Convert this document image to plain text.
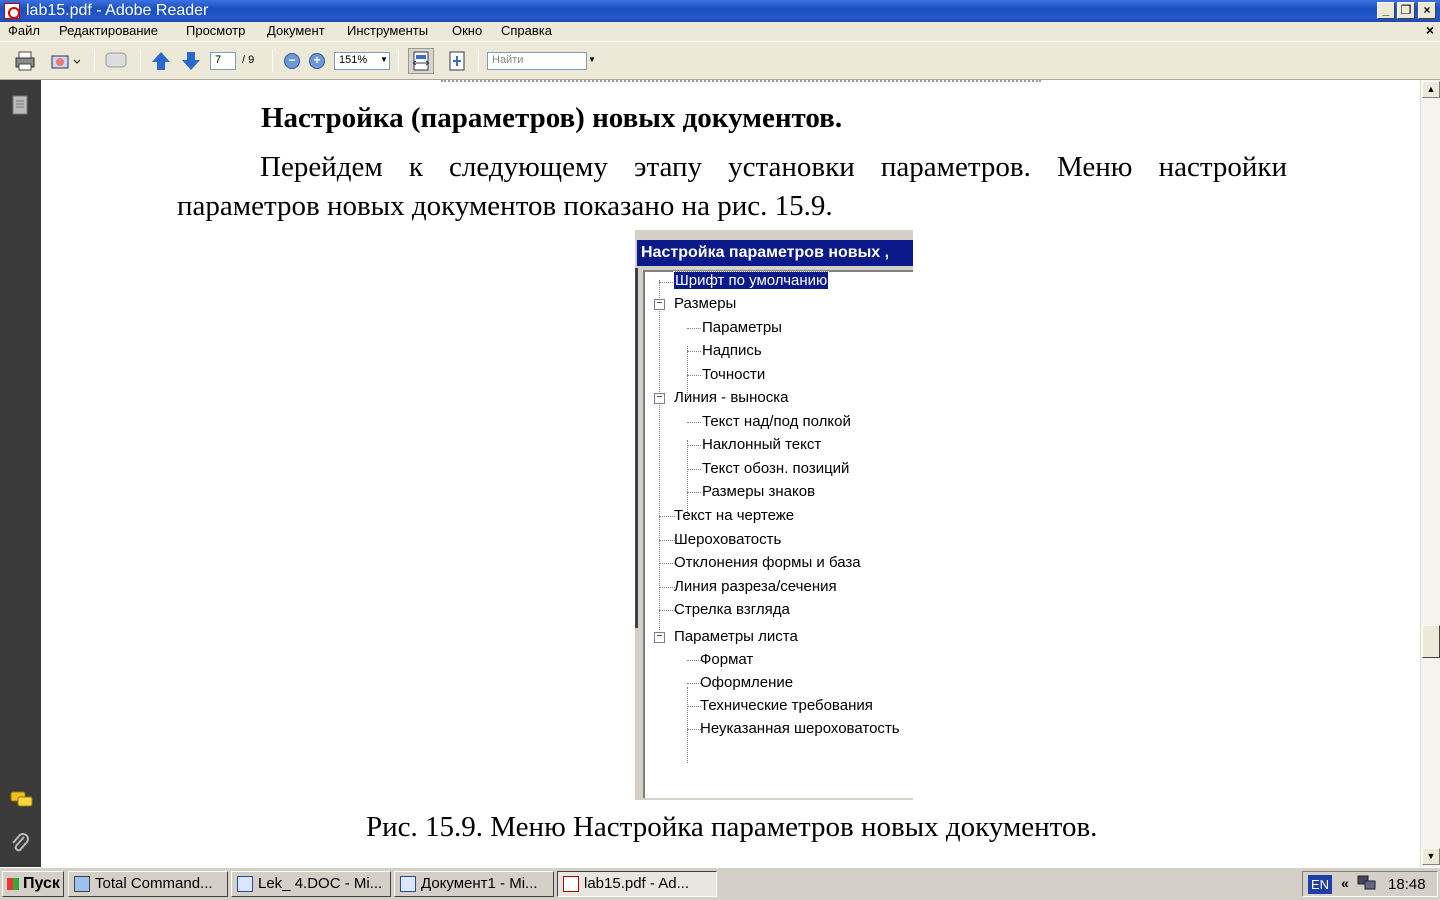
lab15.pdf - Adobe Reader	_ ❐	×
Файл Редактирование Просмотр Документ Инструменты Окно Справка	×
7	/ 9	−	+	151%	▼	Найти	▼
Настройка (параметров) новых документов.
Перейдем к следующему этапу установки параметров. Меню настройки
параметров новых документов показано на рис. 15.9.
Настройка параметров новых ,
Шрифт по умолчанию
− Размеры
Параметры
Надпись
Точности
− Линия - выноска
Текст над/под полкой
Наклонный текст
Текст обозн. позиций
Размеры знаков
Текст на чертеже
Шероховатость
Отклонения формы и база
Линия разреза/сечения
Стрелка взгляда
− Параметры листа
Формат
Оформление
Технические требования
Неуказанная шероховатость
Рис. 15.9. Меню Настройка параметров новых документов.
▲
▼
Пуск	Total Command...	Lek_ 4.DOC - Mi...	Документ1 - Mi...	lab15.pdf - Ad...	EN «	18:48
